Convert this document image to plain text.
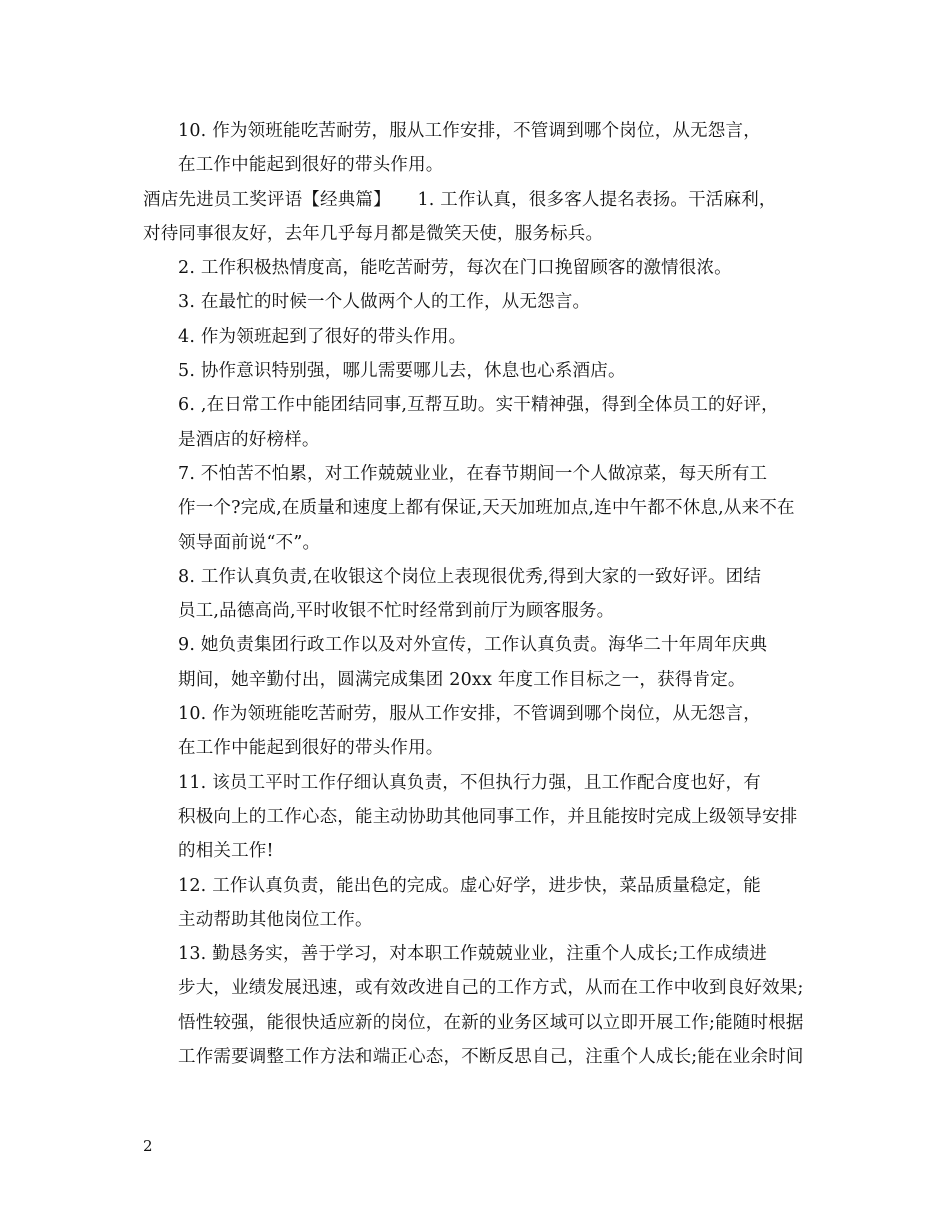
10. 作为领班能吃苦耐劳，服从工作安排，不管调到哪个岗位，从无怨言，
在工作中能起到很好的带头作用。

酒店先进员工奖评语【经典篇】　　1. 工作认真，很多客人提名表扬。干活麻利，
对待同事很友好，去年几乎每月都是微笑天使，服务标兵。

2. 工作积极热情度高，能吃苦耐劳，每次在门口挽留顾客的激情很浓。

3. 在最忙的时候一个人做两个人的工作，从无怨言。

4. 作为领班起到了很好的带头作用。

5. 协作意识特别强，哪儿需要哪儿去，休息也心系酒店。

6. ,在日常工作中能团结同事,互帮互助。实干精神强，得到全体员工的好评，
是酒店的好榜样。

7. 不怕苦不怕累，对工作兢兢业业，在春节期间一个人做凉菜，每天所有工
作一个?完成,在质量和速度上都有保证,天天加班加点,连中午都不休息,从来不在
领导面前说“不”。

8. 工作认真负责,在收银这个岗位上表现很优秀,得到大家的一致好评。团结
员工,品德高尚,平时收银不忙时经常到前厅为顾客服务。

9. 她负责集团行政工作以及对外宣传，工作认真负责。海华二十年周年庆典
期间，她辛勤付出，圆满完成集团 20xx 年度工作目标之一，获得肯定。

10. 作为领班能吃苦耐劳，服从工作安排，不管调到哪个岗位，从无怨言，
在工作中能起到很好的带头作用。

11. 该员工平时工作仔细认真负责，不但执行力强，且工作配合度也好，有
积极向上的工作心态，能主动协助其他同事工作，并且能按时完成上级领导安排
的相关工作!

12. 工作认真负责，能出色的完成。虚心好学，进步快，菜品质量稳定，能
主动帮助其他岗位工作。

13. 勤恳务实，善于学习，对本职工作兢兢业业，注重个人成长;工作成绩进
步大，业绩发展迅速，或有效改进自己的工作方式，从而在工作中收到良好效果;
悟性较强，能很快适应新的岗位，在新的业务区域可以立即开展工作;能随时根据
工作需要调整工作方法和端正心态，不断反思自己，注重个人成长;能在业余时间

2
